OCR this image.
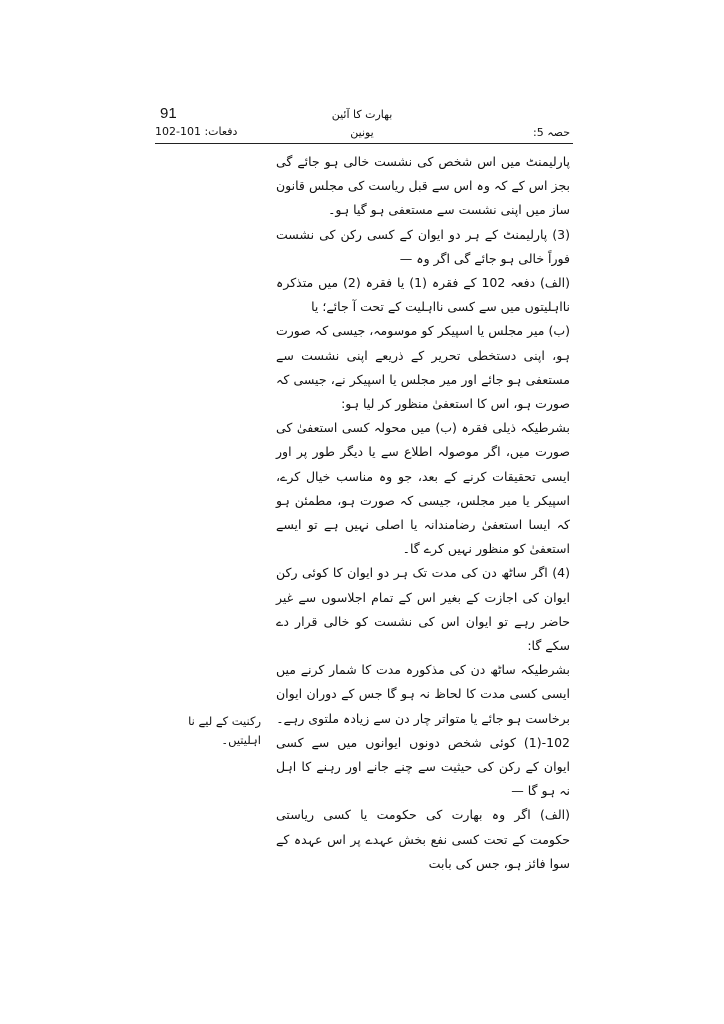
91	بھارت کا آئین
دفعات: 101-102	یونین	حصہ 5:

پارلیمنٹ میں اس شخص کی نشست خالی ہو جائے گی بجز اس کے کہ وہ اس سے قبل ریاست کی مجلس قانون ساز میں اپنی نشست سے مستعفی ہو گیا ہو۔

(3) پارلیمنٹ کے ہر دو ایوان کے کسی رکن کی نشست فوراً خالی ہو جائے گی اگر وہ —

(الف) دفعہ 102 کے فقرہ (1) یا فقرہ (2) میں متذکرہ نااہلیتوں میں سے کسی نااہلیت کے تحت آ جائے؛ یا

(ب) میر مجلس یا اسپیکر کو موسومہ، جیسی کہ صورت ہو، اپنی دستخطی تحریر کے ذریعے اپنی نشست سے مستعفی ہو جائے اور میر مجلس یا اسپیکر نے، جیسی کہ صورت ہو، اس کا استعفیٰ منظور کر لیا ہو:

بشرطیکہ ذیلی فقرہ (ب) میں محولہ کسی استعفیٰ کی صورت میں، اگر موصولہ اطلاع سے یا دیگر طور پر اور ایسی تحقیقات کرنے کے بعد، جو وہ مناسب خیال کرے، اسپیکر یا میر مجلس، جیسی کہ صورت ہو، مطمئن ہو کہ ایسا استعفیٰ رضامندانہ یا اصلی نہیں ہے تو ایسے استعفیٰ کو منظور نہیں کرے گا۔

(4) اگر ساٹھ دن کی مدت تک ہر دو ایوان کا کوئی رکن ایوان کی اجازت کے بغیر اس کے تمام اجلاسوں سے غیر حاضر رہے تو ایوان اس کی نشست کو خالی قرار دے سکے گا:

بشرطیکہ ساٹھ دن کی مذکورہ مدت کا شمار کرنے میں ایسی کسی مدت کا لحاظ نہ ہو گا جس کے دوران ایوان برخاست ہو جائے یا متواتر چار دن سے زیادہ ملتوی رہے۔

102-(1) کوئی شخص دونوں ایوانوں میں سے کسی ایوان کے رکن کی حیثیت سے چنے جانے اور رہنے کا اہل نہ ہو گا —

(الف) اگر وہ بھارت کی حکومت یا کسی ریاستی حکومت کے تحت کسی نفع بخش عہدے پر اس عہدہ کے سوا فائز ہو، جس کی بابت

رکنیت کے لیے نا اہلیتیں۔
